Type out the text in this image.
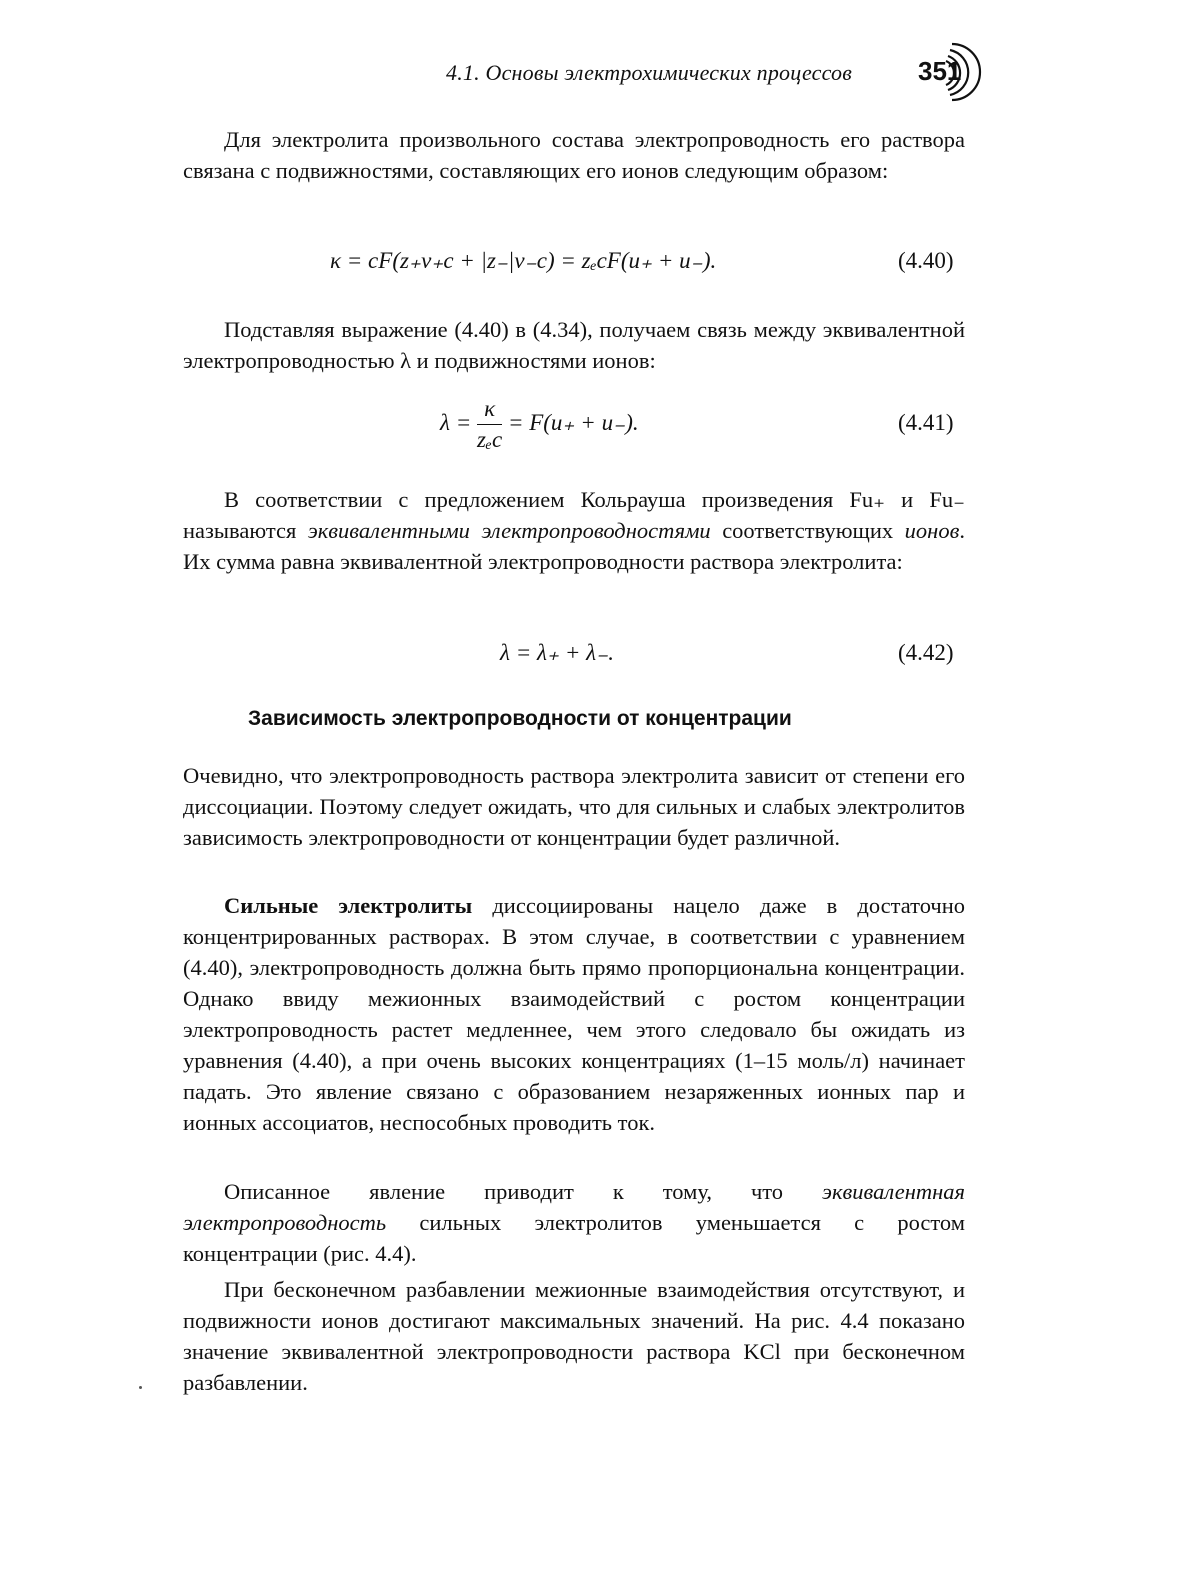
4.1. Основы электрохимических процессов	351

Для электролита произвольного состава электропроводность его раствора связана с подвижностями, составляющих его ионов следующим образом:

κ = cF(z₊ν₊c + |z₋|ν₋c) = zₑcF(u₊ + u₋).	(4.40)

Подставляя выражение (4.40) в (4.34), получаем связь между эквивалентной электропроводностью λ и подвижностями ионов:

$\lambda = \frac{\kappa}{\text{zₑc}} = F(u_+ + u_-)$.	(4.41)

В соответствии с предложением Кольрауша произведения Fu₊ и Fu₋ называются эквивалентными электропроводностями соответствующих ионов. Их сумма равна эквивалентной электропроводности раствора электролита:

λ = λ₊ + λ₋.	(4.42)
Зависимость электропроводности от концентрации

Очевидно, что электропроводность раствора электролита зависит от степени его диссоциации. Поэтому следует ожидать, что для сильных и слабых электролитов зависимость электропроводности от концентрации будет различной.

Сильные электролиты диссоциированы нацело даже в достаточно концентрированных растворах. В этом случае, в соответствии с уравнением (4.40), электропроводность должна быть прямо пропорциональна концентрации. Однако ввиду межионных взаимодействий с ростом концентрации электропроводность растет медленнее, чем этого следовало бы ожидать из уравнения (4.40), а при очень высоких концентрациях (1–15 моль/л) начинает падать. Это явление связано с образованием незаряженных ионных пар и ионных ассоциатов, неспособных проводить ток.

Описанное явление приводит к тому, что эквивалентная электропроводность сильных электролитов уменьшается с ростом концентрации (рис. 4.4).

При бесконечном разбавлении межионные взаимодействия отсутствуют, и подвижности ионов достигают максимальных значений. На рис. 4.4 показано значение эквивалентной электропроводности раствора KCl при бесконечном разбавлении.
